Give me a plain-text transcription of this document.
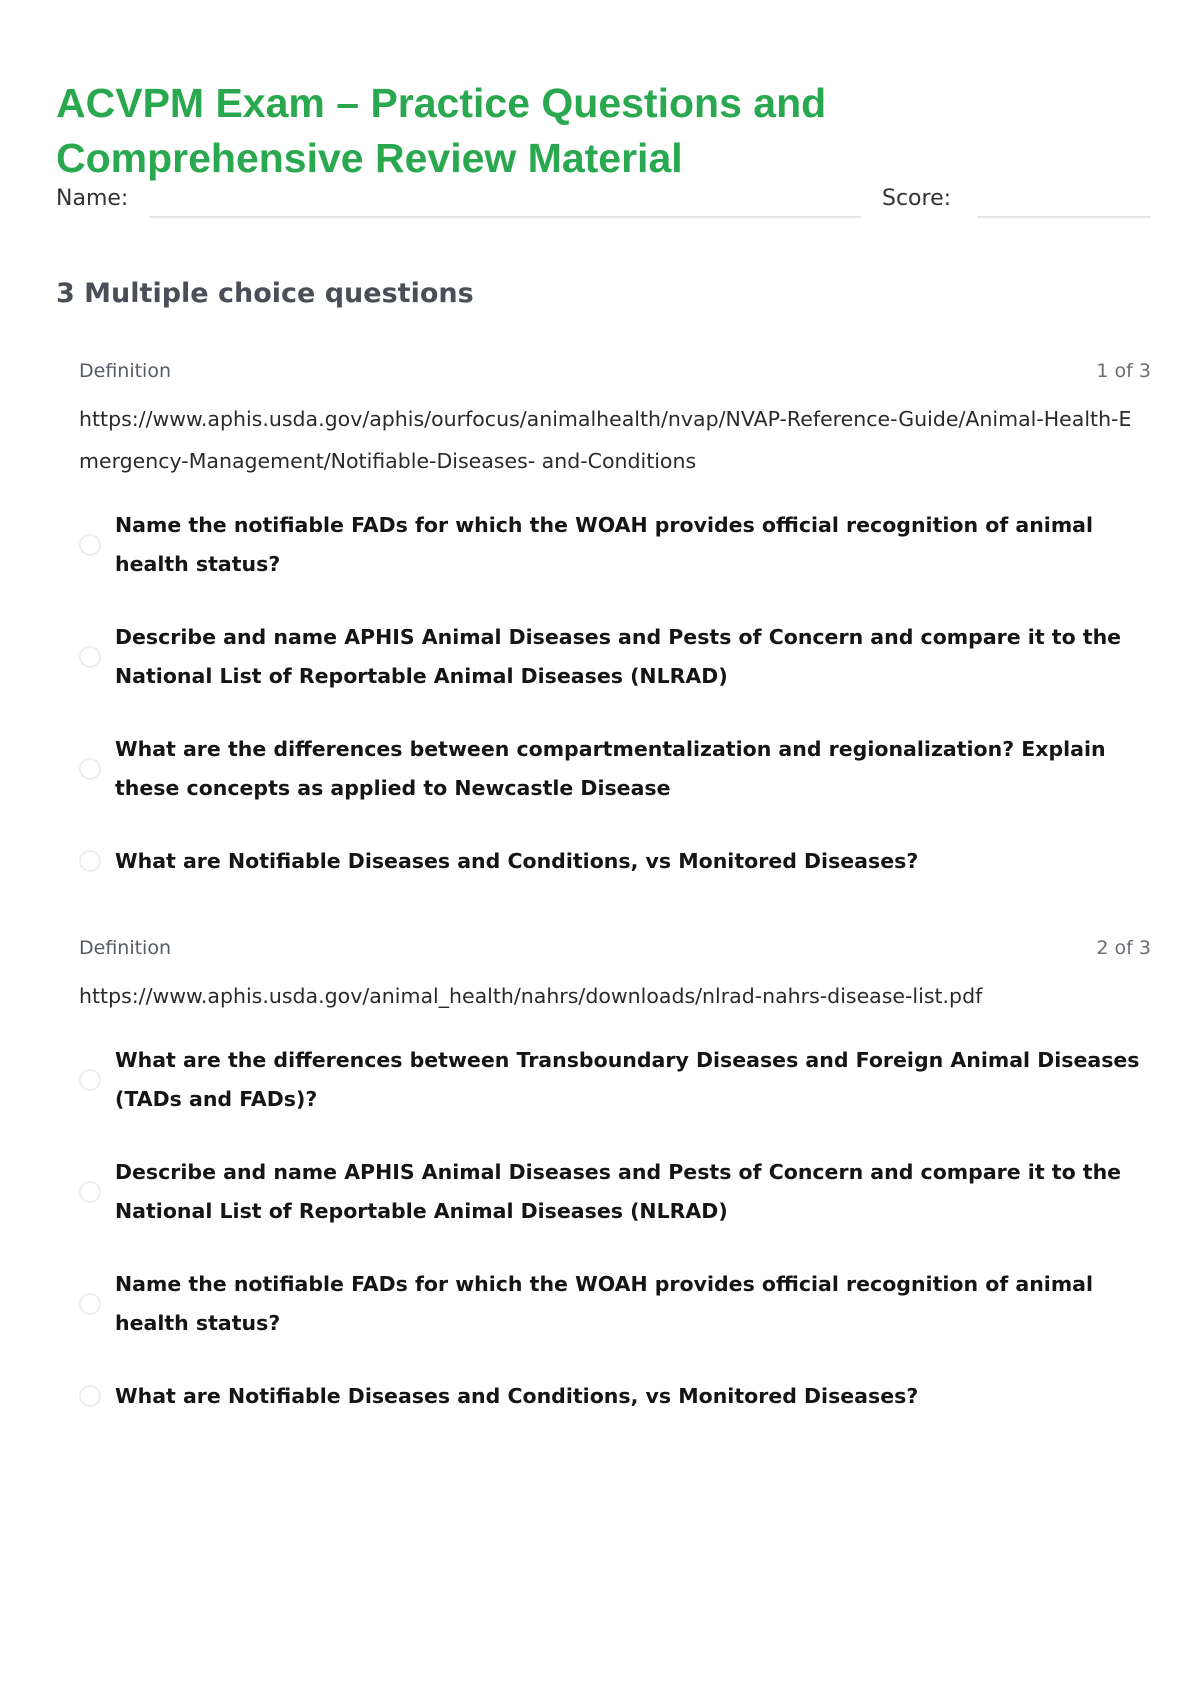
ACVPM Exam – Practice Questions and Comprehensive Review Material
Name:	Score:
3 Multiple choice questions
Definition	1 of 3
https://www.aphis.usda.gov/aphis/ourfocus/animalhealth/nvap/NVAP-Reference-Guide/Animal-Health-Emergency-Management/Notifiable-Diseases- and-Conditions
Name the notifiable FADs for which the WOAH provides official recognition of animal health status?
Describe and name APHIS Animal Diseases and Pests of Concern and compare it to the National List of Reportable Animal Diseases (NLRAD)
What are the differences between compartmentalization and regionalization? Explain these concepts as applied to Newcastle Disease
What are Notifiable Diseases and Conditions, vs Monitored Diseases?
Definition	2 of 3
https://www.aphis.usda.gov/animal_health/nahrs/downloads/nlrad-nahrs-disease-list.pdf
What are the differences between Transboundary Diseases and Foreign Animal Diseases (TADs and FADs)?
Describe and name APHIS Animal Diseases and Pests of Concern and compare it to the National List of Reportable Animal Diseases (NLRAD)
Name the notifiable FADs for which the WOAH provides official recognition of animal health status?
What are Notifiable Diseases and Conditions, vs Monitored Diseases?
